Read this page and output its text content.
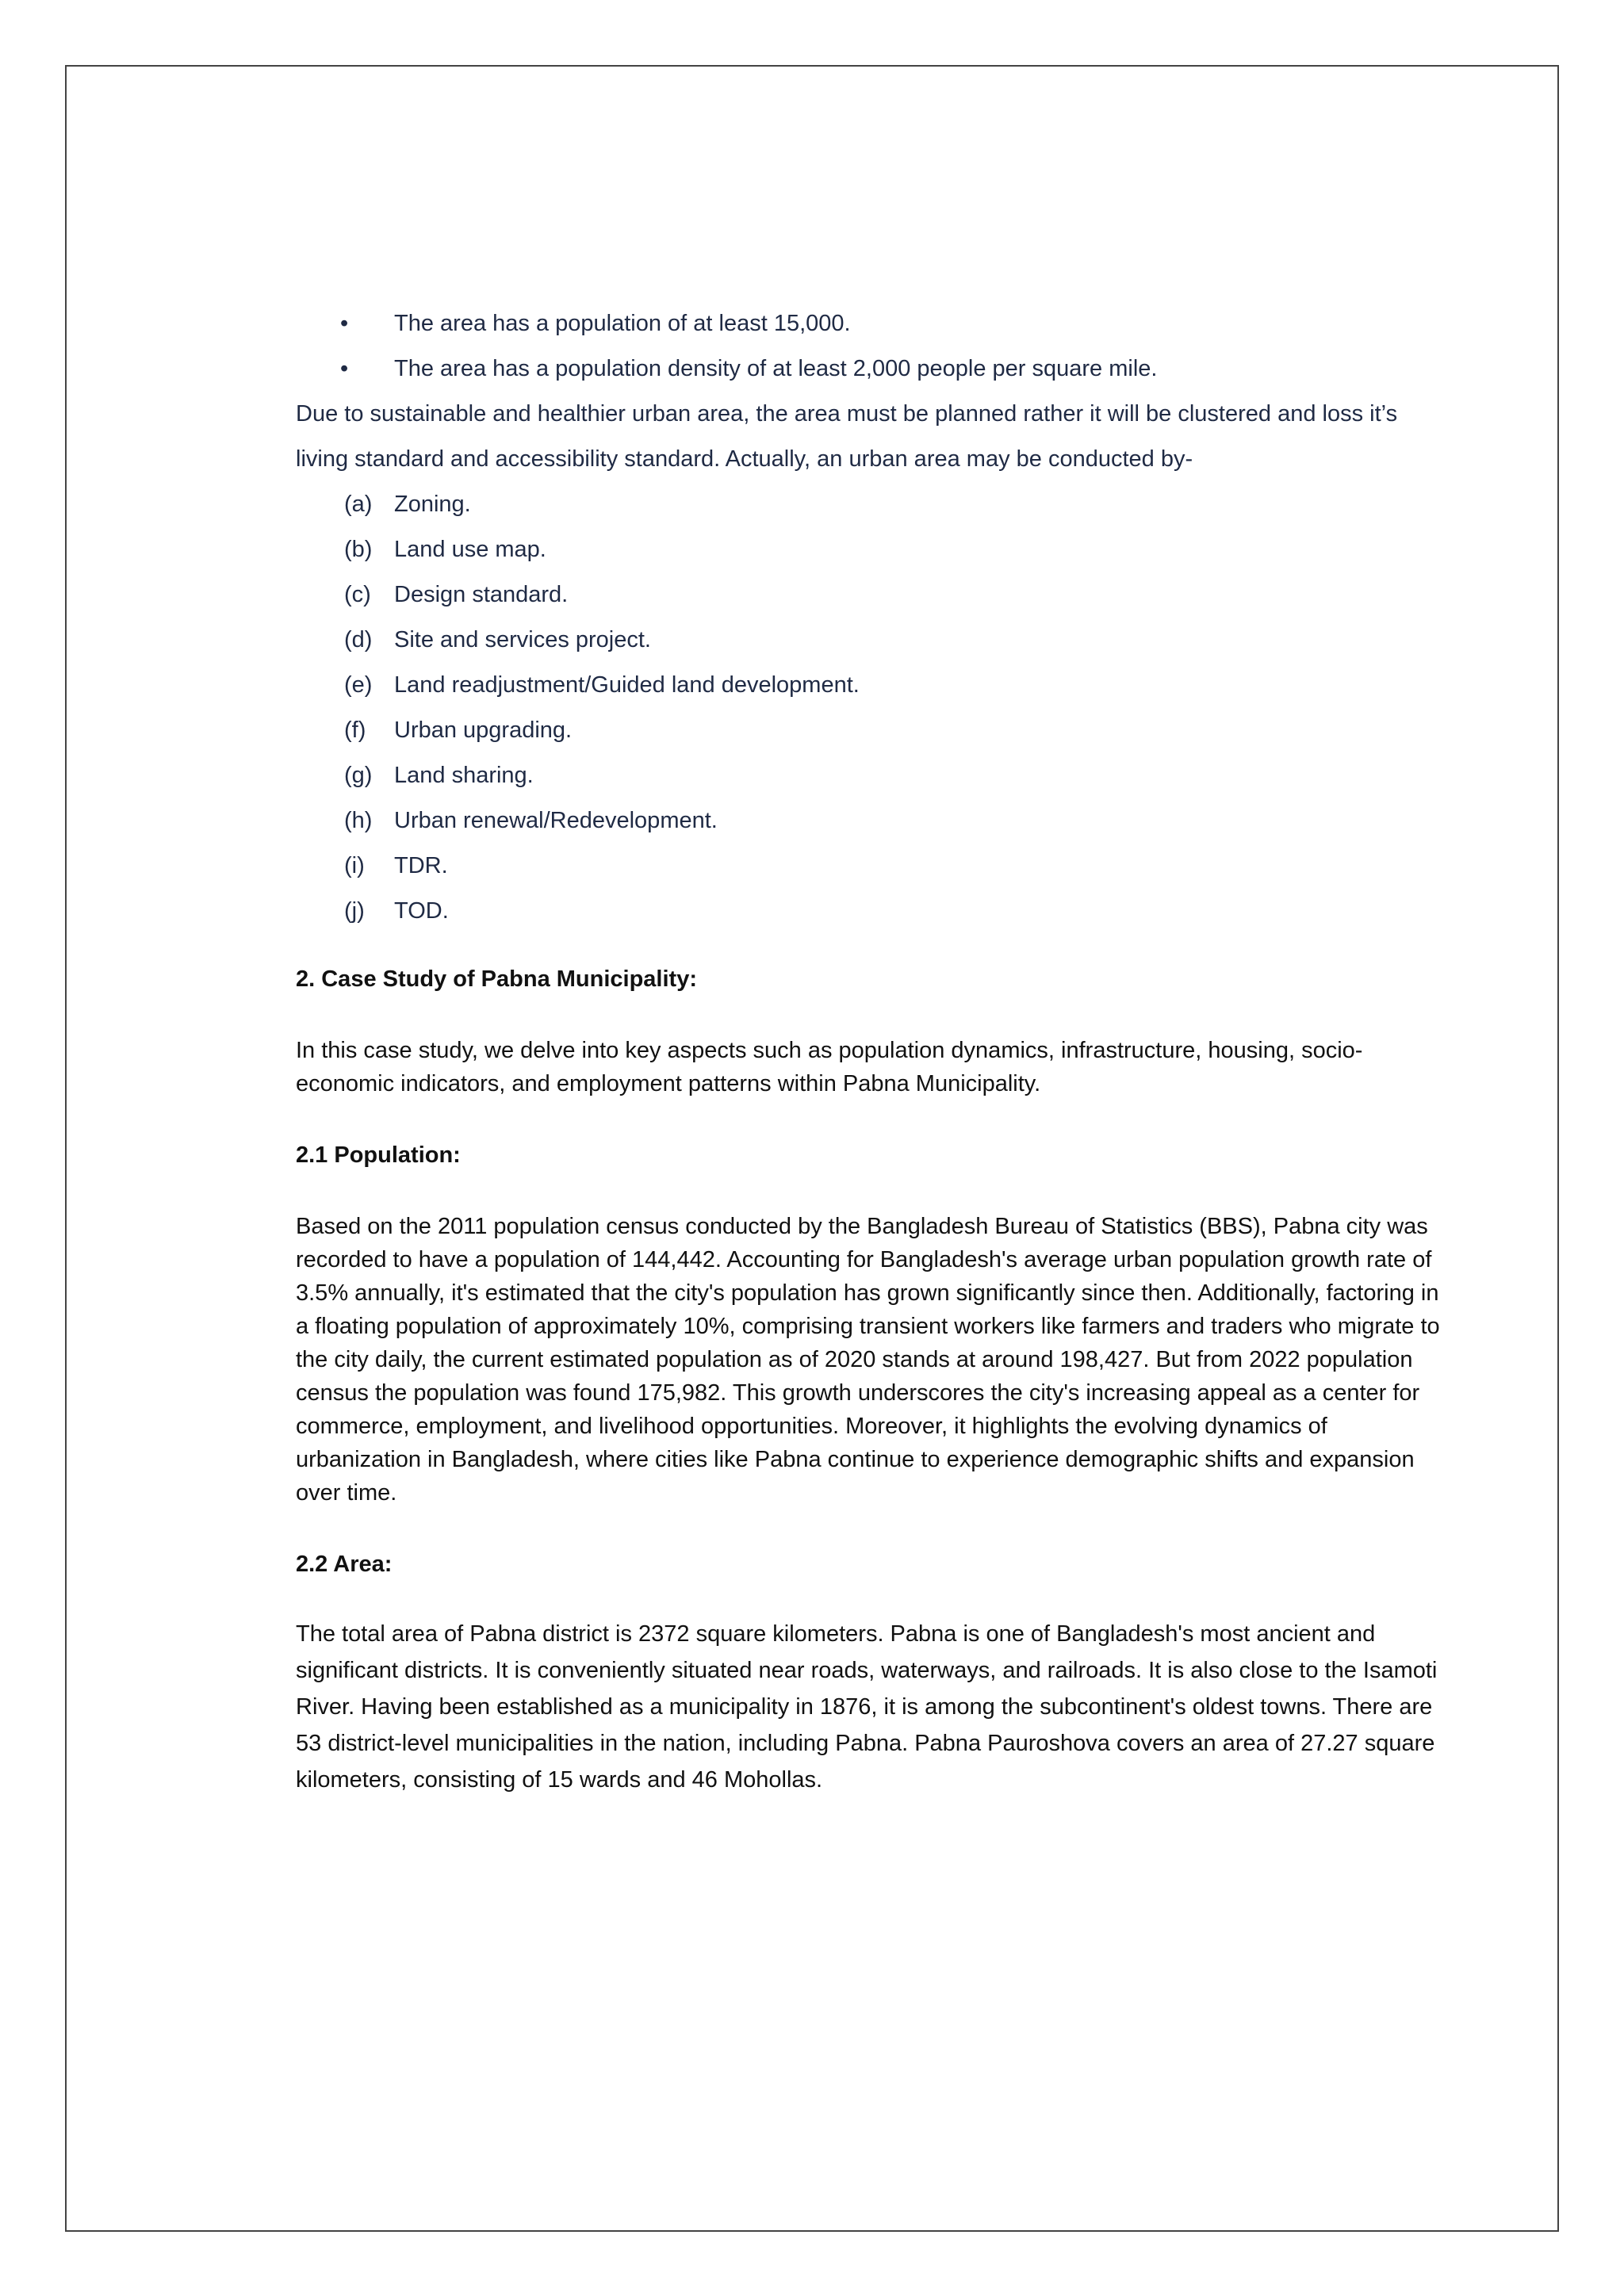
• The area has a population of at least 15,000.
• The area has a population density of at least 2,000 people per square mile.

Due to sustainable and healthier urban area, the area must be planned rather it will be clustered and loss it’s living standard and accessibility standard. Actually, an urban area may be conducted by-

(a) Zoning.
(b) Land use map.
(c) Design standard.
(d) Site and services project.
(e) Land readjustment/Guided land development.
(f) Urban upgrading.
(g) Land sharing.
(h) Urban renewal/Redevelopment.
(i) TDR.
(j) TOD.
2. Case Study of Pabna Municipality:

In this case study, we delve into key aspects such as population dynamics, infrastructure, housing, socio-economic indicators, and employment patterns within Pabna Municipality.

2.1 Population:

Based on the 2011 population census conducted by the Bangladesh Bureau of Statistics (BBS), Pabna city was recorded to have a population of 144,442. Accounting for Bangladesh's average urban population growth rate of 3.5% annually, it's estimated that the city's population has grown significantly since then. Additionally, factoring in a floating population of approximately 10%, comprising transient workers like farmers and traders who migrate to the city daily, the current estimated population as of 2020 stands at around 198,427. But from 2022 population census the population was found 175,982. This growth underscores the city's increasing appeal as a center for commerce, employment, and livelihood opportunities. Moreover, it highlights the evolving dynamics of urbanization in Bangladesh, where cities like Pabna continue to experience demographic shifts and expansion over time.

2.2 Area:

The total area of Pabna district is 2372 square kilometers. Pabna is one of Bangladesh's most ancient and significant districts. It is conveniently situated near roads, waterways, and railroads. It is also close to the Isamoti River. Having been established as a municipality in 1876, it is among the subcontinent's oldest towns. There are 53 district-level municipalities in the nation, including Pabna. Pabna Pauroshova covers an area of 27.27 square kilometers, consisting of 15 wards and 46 Mohollas.
